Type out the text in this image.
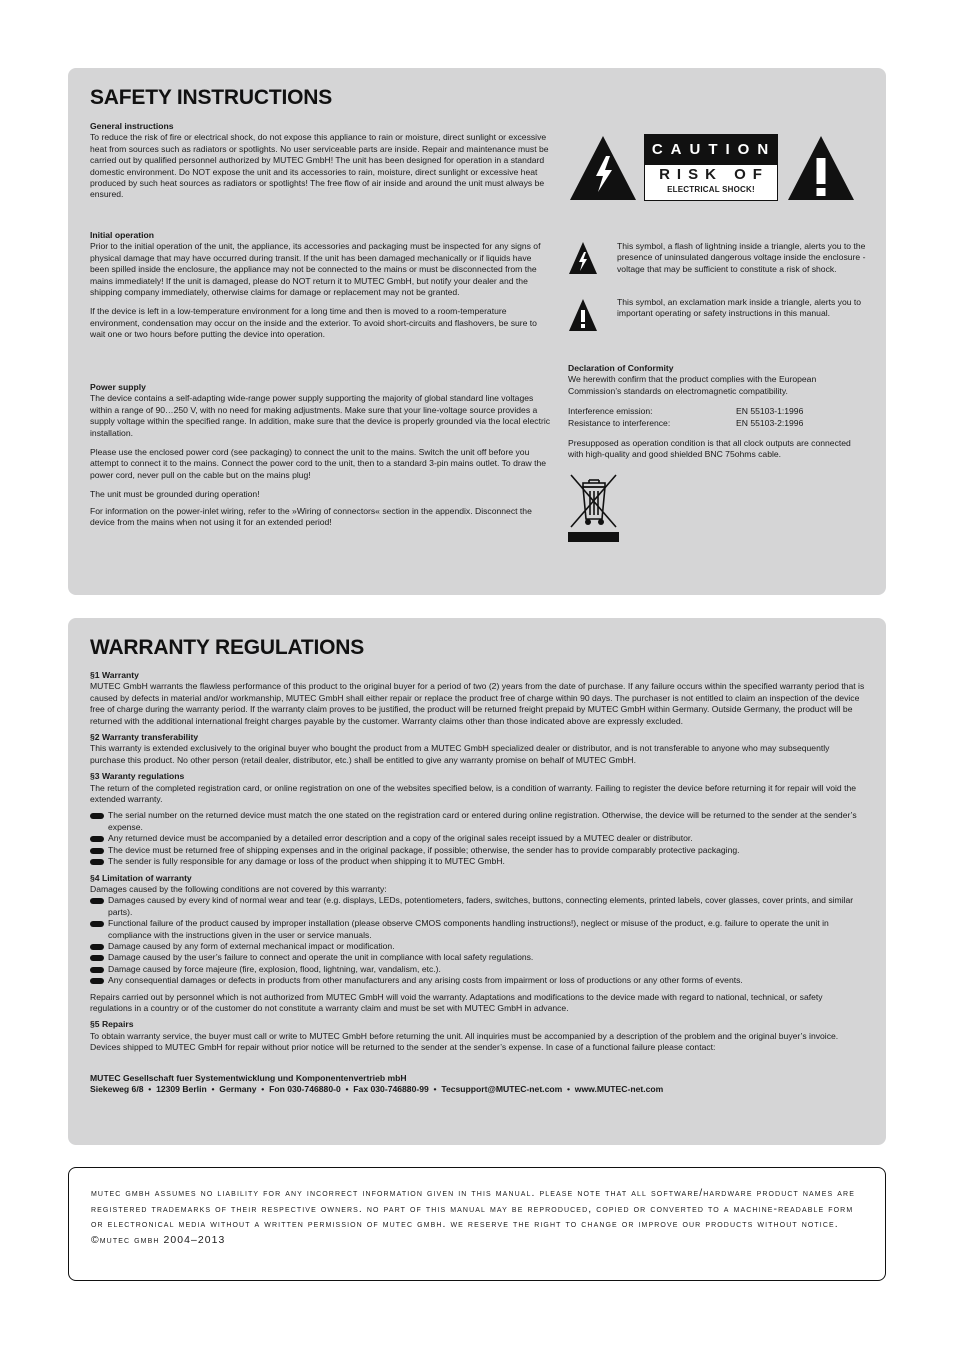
SAFETY INSTRUCTIONS

General instructions

To reduce the risk of fire or electrical shock, do not expose this appliance to rain or moisture, direct sunlight or excessive heat from sources such as radiators or spotlights. No user serviceable parts are inside. Repair and maintenance must be carried out by qualified personnel authorized by MUTEC GmbH! The unit has been designed for operation in a standard domestic environment. Do NOT expose the unit and its accessories to rain, moisture, direct sunlight or excessive heat produced by such heat sources as radiators or spotlights! The free flow of air inside and around the unit must always be ensured.

Initial operation

Prior to the initial operation of the unit, the appliance, its accessories and packaging must be inspected for any signs of physical damage that may have occurred during transit. If the unit has been damaged mechanically or if liquids have been spilled inside the enclosure, the appliance may not be connected to the mains or must be disconnected from the mains immediately! If the unit is damaged, please do NOT return it to MUTEC GmbH, but notify your dealer and the shipping company immediately, otherwise claims for damage or replacement may not be granted.

If the device is left in a low-temperature environment for a long time and then is moved to a room-temperature environment, condensation may occur on the inside and the exterior. To avoid short-circuits and flashovers, be sure to wait one or two hours before putting the device into operation.

Power supply

The device contains a self-adapting wide-range power supply supporting the majority of global standard line voltages within a range of 90…250 V, with no need for making adjustments. Make sure that your line-voltage source provides a supply voltage within the specified range. In addition, make sure that the device is properly grounded via the local electric installation.

Please use the enclosed power cord (see packaging) to connect the unit to the mains. Switch the unit off before you attempt to connect it to the mains. Connect the power cord to the unit, then to a standard 3-pin mains outlet. To draw the power cord, never pull on the cable but on the mains plug!

The unit must be grounded during operation!

For information on the power-inlet wiring, refer to the »Wiring of connectors« section in the appendix. Disconnect the device from the mains when not using it for an extended period!

CAUTION
RISK OF
ELECTRICAL SHOCK!
This symbol, a flash of lightning inside a triangle, alerts you to the presence of uninsulated dangerous voltage inside the enclosure - voltage that may be sufficient to constitute a risk of shock.
This symbol, an exclamation mark inside a triangle, alerts you to important operating or safety instructions in this manual.

Declaration of Conformity

We herewith confirm that the product complies with the European Commission’s standards on electromagnetic compatibility.

Interference emission:	EN 55103-1:1996
Resistance to interference:	EN 55103-2:1996

Presupposed as operation condition is that all clock outputs are connected with high-quality and good shielded BNC 75ohms cable.

WARRANTY REGULATIONS

§1 Warranty

MUTEC GmbH warrants the flawless performance of this product to the original buyer for a period of two (2) years from the date of purchase. If any failure occurs within the specified warranty period that is caused by defects in material and/or workmanship, MUTEC GmbH shall either repair or replace the product free of charge within 90 days. The purchaser is not entitled to claim an inspection of the device free of charge during the warranty period. If the warranty claim proves to be justified, the product will be returned freight prepaid by MUTEC GmbH within Germany. Outside Germany, the product will be returned with the additional international freight charges payable by the customer. Warranty claims other than those indicated above are expressly excluded.

§2 Warranty transferability

This warranty is extended exclusively to the original buyer who bought the product from a MUTEC GmbH specialized dealer or distributor, and is not transferable to anyone who may subsequently purchase this product. No other person (retail dealer, distributor, etc.) shall be entitled to give any warranty promise on behalf of MUTEC GmbH.

§3 Waranty regulations

The return of the completed registration card, or online registration on one of the websites specified below, is a condition of warranty. Failing to register the device before returning it for repair will void the extended warranty.

The serial number on the returned device must match the one stated on the registration card or entered during online registration. Otherwise, the device will be returned to the sender at the sender’s expense.
Any returned device must be accompanied by a detailed error description and a copy of the original sales receipt issued by a MUTEC dealer or distributor.
The device must be returned free of shipping expenses and in the original package, if possible; otherwise, the sender has to provide comparably protective packaging.
The sender is fully responsible for any damage or loss of the product when shipping it to MUTEC GmbH.

§4 Limitation of warranty

Damages caused by the following conditions are not covered by this warranty:

Damages caused by every kind of normal wear and tear (e.g. displays, LEDs, potentiometers, faders, switches, buttons, connecting elements, printed labels, cover glasses, cover prints, and similar parts).
Functional failure of the product caused by improper installation (please observe CMOS components handling instructions!), neglect or misuse of the product, e.g. failure to operate the unit in compliance with the instructions given in the user or service manuals.
Damage caused by any form of external mechanical impact or modification.
Damage caused by the user’s failure to connect and operate the unit in compliance with local safety regulations.
Damage caused by force majeure (fire, explosion, flood, lightning, war, vandalism, etc.).
Any consequential damages or defects in products from other manufacturers and any arising costs from impairment or loss of productions or any other forms of events.

Repairs carried out by personnel which is not authorized from MUTEC GmbH will void the warranty. Adaptations and modifications to the device made with regard to national, technical, or safety regulations in a country or of the customer do not constitute a warranty claim and must be set with MUTEC GmbH in advance.

§5 Repairs

To obtain warranty service, the buyer must call or write to MUTEC GmbH before returning the unit. All inquiries must be accompanied by a description of the problem and the original buyer’s invoice. Devices shipped to MUTEC GmbH for repair without prior notice will be returned to the sender at the sender’s expense. In case of a functional failure please contact:

MUTEC Gesellschaft fuer Systementwicklung und Komponentenvertrieb mbH

Siekeweg 6/8  •  12309 Berlin  •  Germany  •  Fon 030-746880-0  •  Fax 030-746880-99  •  Tecsupport@MUTEC-net.com  •  www.MUTEC-net.com

mutec gmbh assumes no liability for any incorrect information given in this manual. please note that all software/hardware product names are registered trademarks of their respective owners. no part of this manual may be reproduced, copied or converted to a machine-readable form or electronical media without a written permission of mutec gmbh. we reserve the right to change or improve our products without notice. ©mutec gmbh 2004–2013
